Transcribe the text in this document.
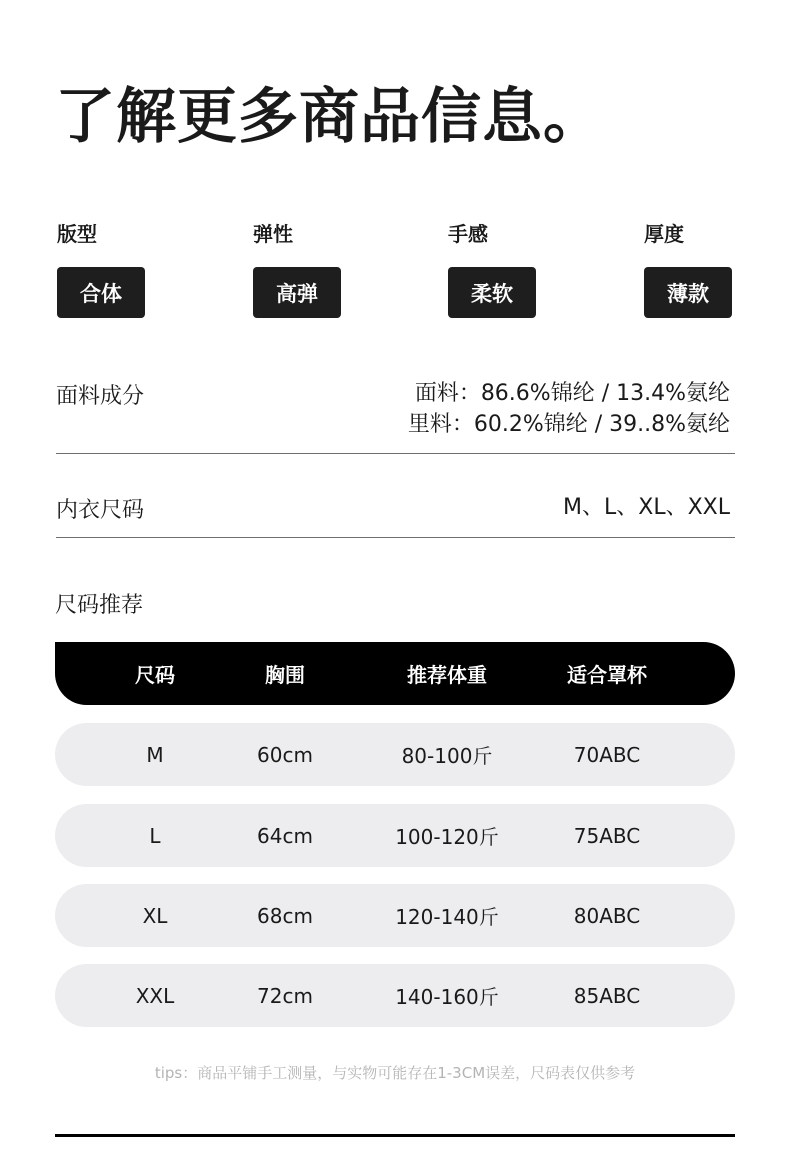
了解更多商品信息。
版型
合体
弹性
高弹
手感
柔软
厚度
薄款
面料成分	面料：86.6%锦纶 / 13.4%氨纶
里料：60.2%锦纶 / 39..8%氨纶
内衣尺码	M、L、XL、XXL
尺码推荐
尺码	胸围	推荐体重	适合罩杯
M	60cm	80-100斤	70ABC
L	64cm	100-120斤	75ABC
XL	68cm	120-140斤	80ABC
XXL	72cm	140-160斤	85ABC
tips：商品平铺手工测量，与实物可能存在1-3CM误差，尺码表仅供参考
